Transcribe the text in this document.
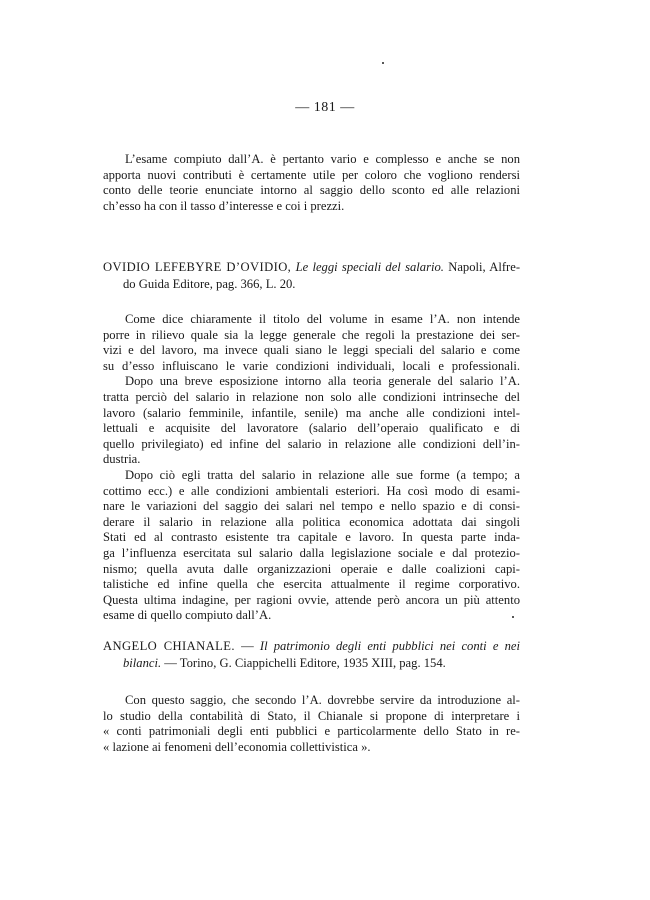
— 181 —

L’esame compiuto dall’A. è pertanto vario e complesso e anche se non
apporta nuovi contributi è certamente utile per coloro che vogliono rendersi
conto delle teorie enunciate intorno al saggio dello sconto ed alle relazioni
ch’esso ha con il tasso d’interesse e coi i prezzi.

OVIDIO LEFEBYRE D’OVIDIO, Le leggi speciali del salario. Napoli, Alfre-
do Guida Editore, pag. 366, L. 20.

Come dice chiaramente il titolo del volume in esame l’A. non intende
porre in rilievo quale sia la legge generale che regoli la prestazione dei ser-
vizi e del lavoro, ma invece quali siano le leggi speciali del salario e come
su d’esso influiscano le varie condizioni individuali, locali e professionali.
Dopo una breve esposizione intorno alla teoria generale del salario l’A.
tratta perciò del salario in relazione non solo alle condizioni intrinseche del
lavoro (salario femminile, infantile, senile) ma anche alle condizioni intel-
lettuali e acquisite del lavoratore (salario dell’operaio qualificato e di
quello privilegiato) ed infine del salario in relazione alle condizioni dell’in-
dustria.
Dopo ciò egli tratta del salario in relazione alle sue forme (a tempo; a
cottimo ecc.) e alle condizioni ambientali esteriori. Ha così modo di esami-
nare le variazioni del saggio dei salari nel tempo e nello spazio e di consi-
derare il salario in relazione alla politica economica adottata dai singoli
Stati ed al contrasto esistente tra capitale e lavoro. In questa parte inda-
ga l’influenza esercitata sul salario dalla legislazione sociale e dal protezio-
nismo; quella avuta dalle organizzazioni operaie e dalle coalizioni capi-
talistiche ed infine quella che esercita attualmente il regime corporativo.
Questa ultima indagine, per ragioni ovvie, attende però ancora un più attento
esame di quello compiuto dall’A.

ANGELO CHIANALE. — Il patrimonio degli enti pubblici nei conti e nei
bilanci. — Torino, G. Ciappichelli Editore, 1935 XIII, pag. 154.

Con questo saggio, che secondo l’A. dovrebbe servire da introduzione al-
lo studio della contabilità di Stato, il Chianale si propone di interpretare i
« conti patrimoniali degli enti pubblici e particolarmente dello Stato in re-
« lazione ai fenomeni dell’economia collettivistica ».
